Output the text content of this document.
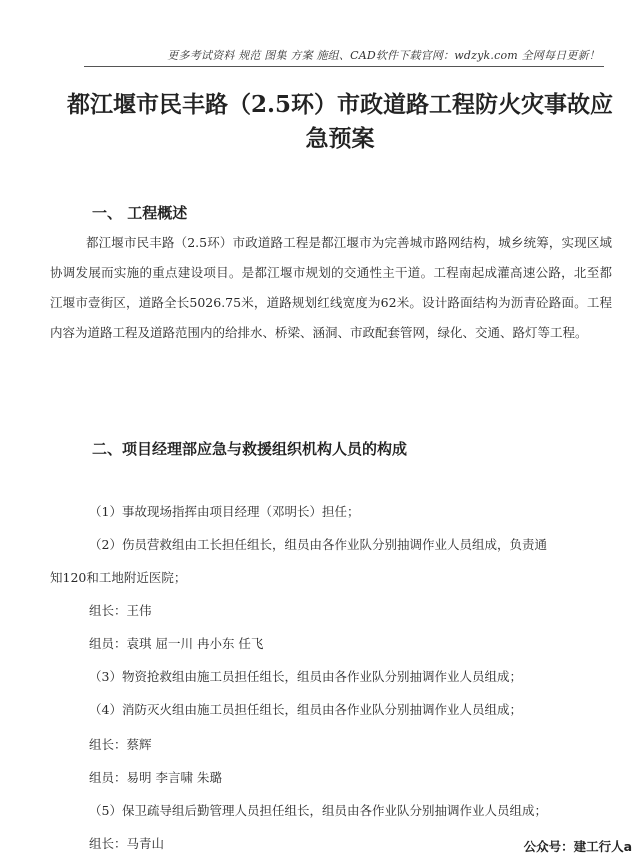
更多考试资料 规范 图集 方案 施组、CAD软件下载官网：wdzyk.com 全网每日更新！
都江堰市民丰路（2.5环）市政道路工程防火灾事故应急预案
一、 工程概述
都江堰市民丰路（2.5环）市政道路工程是都江堰市为完善城市路网结构，城乡统筹，实现区域协调发展而实施的重点建设项目。是都江堰市规划的交通性主干道。工程南起成灌高速公路，北至都江堰市壹街区，道路全长5026.75米，道路规划红线宽度为62米。设计路面结构为沥青砼路面。工程内容为道路工程及道路范围内的给排水、桥梁、涵洞、市政配套管网，绿化、交通、路灯等工程。
二、项目经理部应急与救援组织机构人员的构成
（1）事故现场指挥由项目经理（邓明长）担任；
（2）伤员营救组由工长担任组长，组员由各作业队分别抽调作业人员组成，负责通
知120和工地附近医院；
组长：王伟
组员：袁琪 屈一川 冉小东 任飞
（3）物资抢救组由施工员担任组长，组员由各作业队分别抽调作业人员组成；
（4）消防灭火组由施工员担任组长，组员由各作业队分别抽调作业人员组成；
组长：蔡辉
组员：易明 李言啸 朱璐
（5）保卫疏导组后勤管理人员担任组长，组员由各作业队分别抽调作业人员组成；
组长：马青山	公众号：建工行人a
